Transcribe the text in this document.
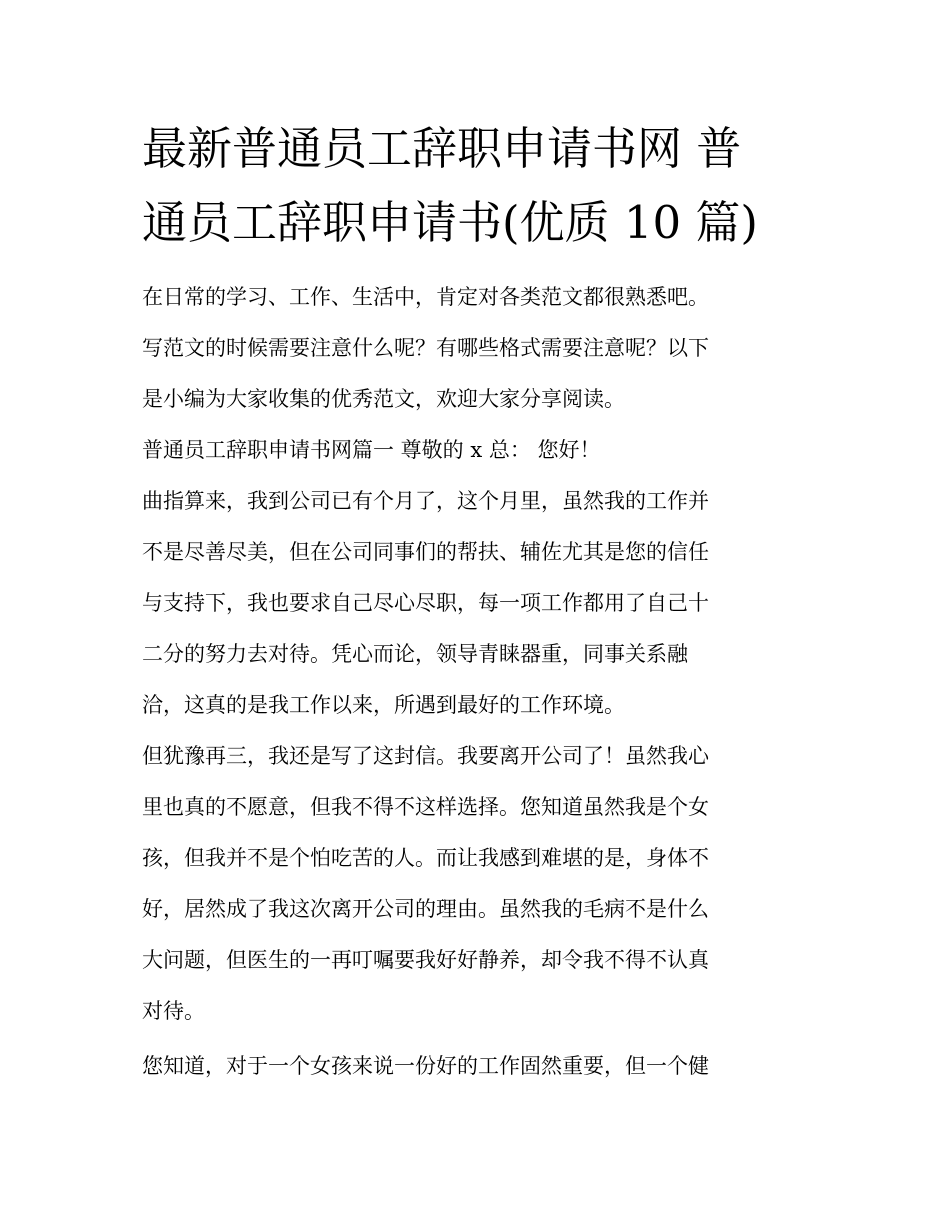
最新普通员工辞职申请书网 普
通员工辞职申请书(优质 10 篇)
在日常的学习、工作、生活中，肯定对各类范文都很熟悉吧。
写范文的时候需要注意什么呢？有哪些格式需要注意呢？以下
是小编为大家收集的优秀范文，欢迎大家分享阅读。
普通员工辞职申请书网篇一 尊敬的 x 总： 您好！
曲指算来，我到公司已有个月了，这个月里，虽然我的工作并
不是尽善尽美，但在公司同事们的帮扶、辅佐尤其是您的信任
与支持下，我也要求自己尽心尽职，每一项工作都用了自己十
二分的努力去对待。凭心而论，领导青睐器重，同事关系融
洽，这真的是我工作以来，所遇到最好的工作环境。
但犹豫再三，我还是写了这封信。我要离开公司了！虽然我心
里也真的不愿意，但我不得不这样选择。您知道虽然我是个女
孩，但我并不是个怕吃苦的人。而让我感到难堪的是，身体不
好，居然成了我这次离开公司的理由。虽然我的毛病不是什么
大问题，但医生的一再叮嘱要我好好静养，却令我不得不认真
对待。
您知道，对于一个女孩来说一份好的工作固然重要，但一个健
